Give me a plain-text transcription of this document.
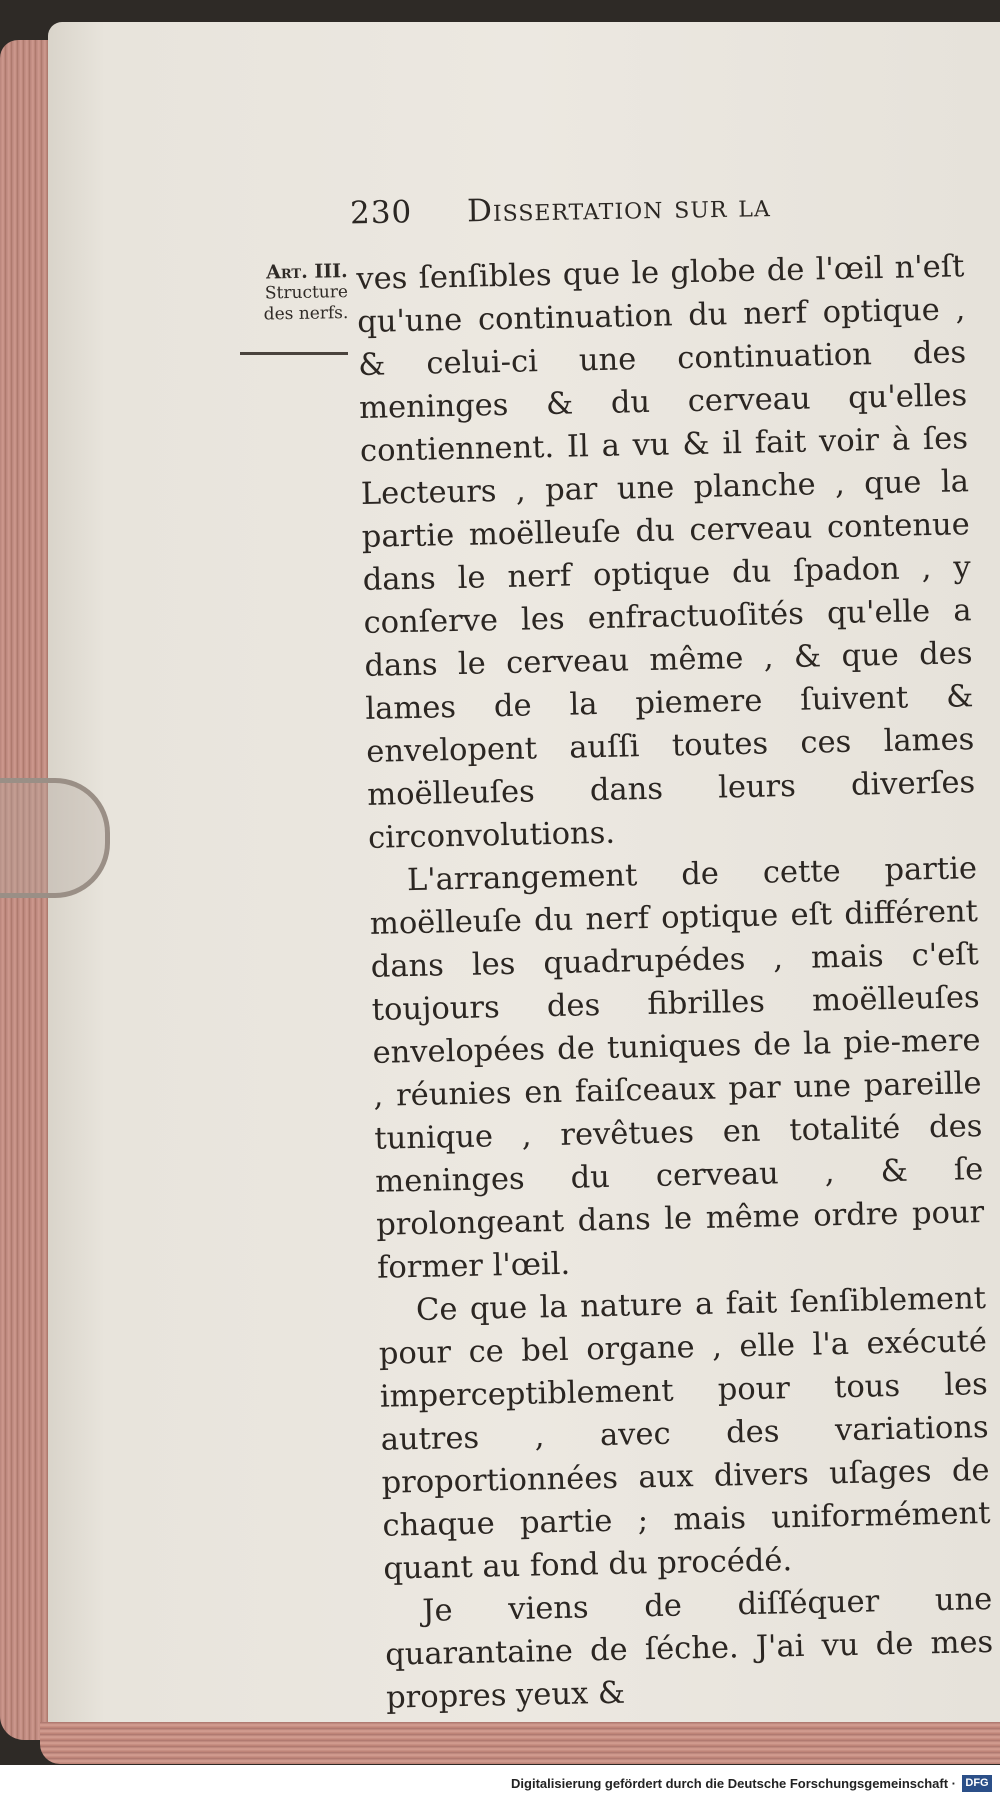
230 Dissertation sur la
Art. III.
Structure
des nerfs.

ves ſenſibles que le globe de l'œil n'eſt qu'une continuation du nerf optique , & celui-ci une continuation des meninges & du cerveau qu'elles contiennent. Il a vu & il fait voir à ſes Lecteurs , par une planche , que la partie moëlleuſe du cerveau contenue dans le nerf optique du ſpadon , y conſerve les enfractuoſités qu'elle a dans le cerveau même , & que des lames de la piemere ſuivent & envelopent auſſi toutes ces lames moëlleuſes dans leurs diverſes circonvolutions.

L'arrangement de cette partie moëlleuſe du nerf optique eſt différent dans les quadrupédes , mais c'eſt toujours des fibrilles moëlleuſes envelopées de tuniques de la pie-mere , réunies en faiſceaux par une pareille tunique , revêtues en totalité des meninges du cerveau , & ſe prolongeant dans le même ordre pour former l'œil.

Ce que la nature a fait ſenſiblement pour ce bel organe , elle l'a exécuté imperceptiblement pour tous les autres , avec des variations proportionnées aux divers uſages de chaque partie ; mais uniformément quant au fond du procédé.

Je viens de diſſéquer une quarantaine de ſéche. J'ai vu de mes propres yeux &

Digitalisierung gefördert durch die Deutsche Forschungsgemeinschaft · DFG
